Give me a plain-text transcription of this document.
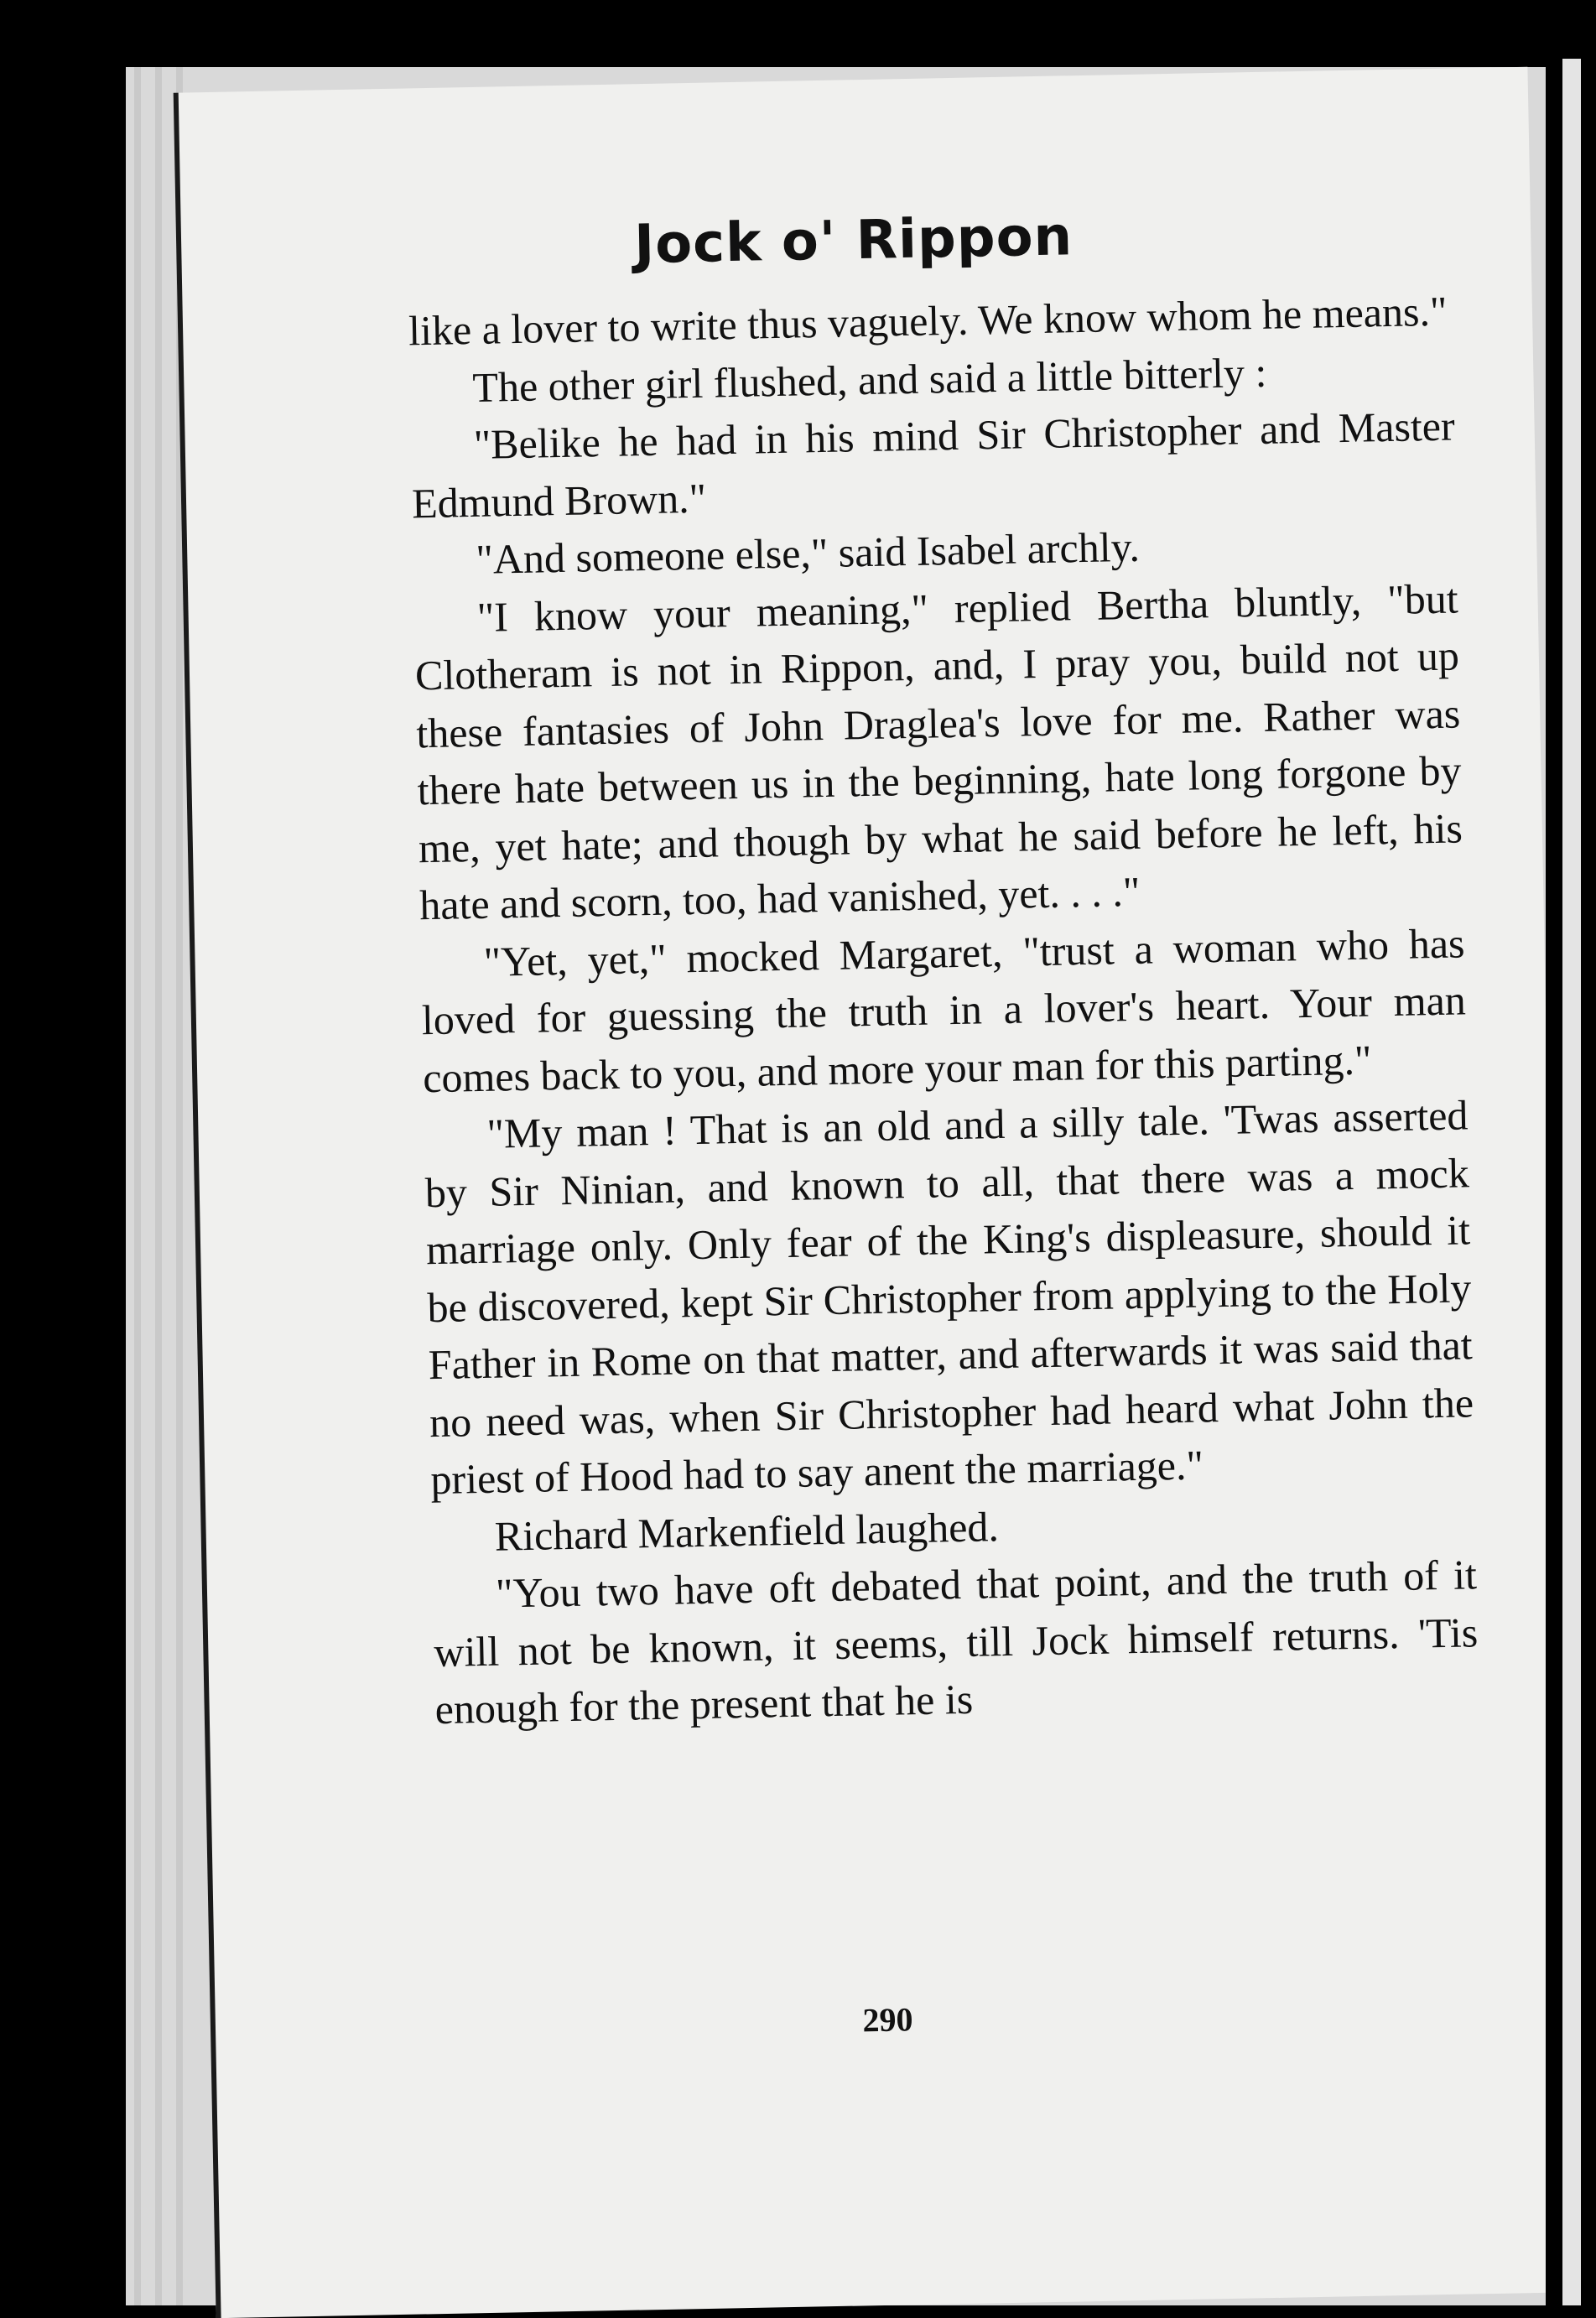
Jock o' Rippon

like a lover to write thus vaguely. We know whom he means."

The other girl flushed, and said a little bitterly :

"Belike he had in his mind Sir Christopher and Master Edmund Brown."

"And someone else," said Isabel archly.

"I know your meaning," replied Bertha bluntly, "but Clotheram is not in Rippon, and, I pray you, build not up these fantasies of John Draglea's love for me. Rather was there hate between us in the beginning, hate long forgone by me, yet hate; and though by what he said before he left, his hate and scorn, too, had vanished, yet. . . ."

"Yet, yet," mocked Margaret, "trust a woman who has loved for guessing the truth in a lover's heart. Your man comes back to you, and more your man for this parting."

"My man ! That is an old and a silly tale. 'Twas asserted by Sir Ninian, and known to all, that there was a mock marriage only. Only fear of the King's displeasure, should it be discovered, kept Sir Christopher from applying to the Holy Father in Rome on that matter, and afterwards it was said that no need was, when Sir Christopher had heard what John the priest of Hood had to say anent the marriage."

Richard Markenfield laughed.

"You two have oft debated that point, and the truth of it will not be known, it seems, till Jock himself returns. 'Tis enough for the present that he is

290
